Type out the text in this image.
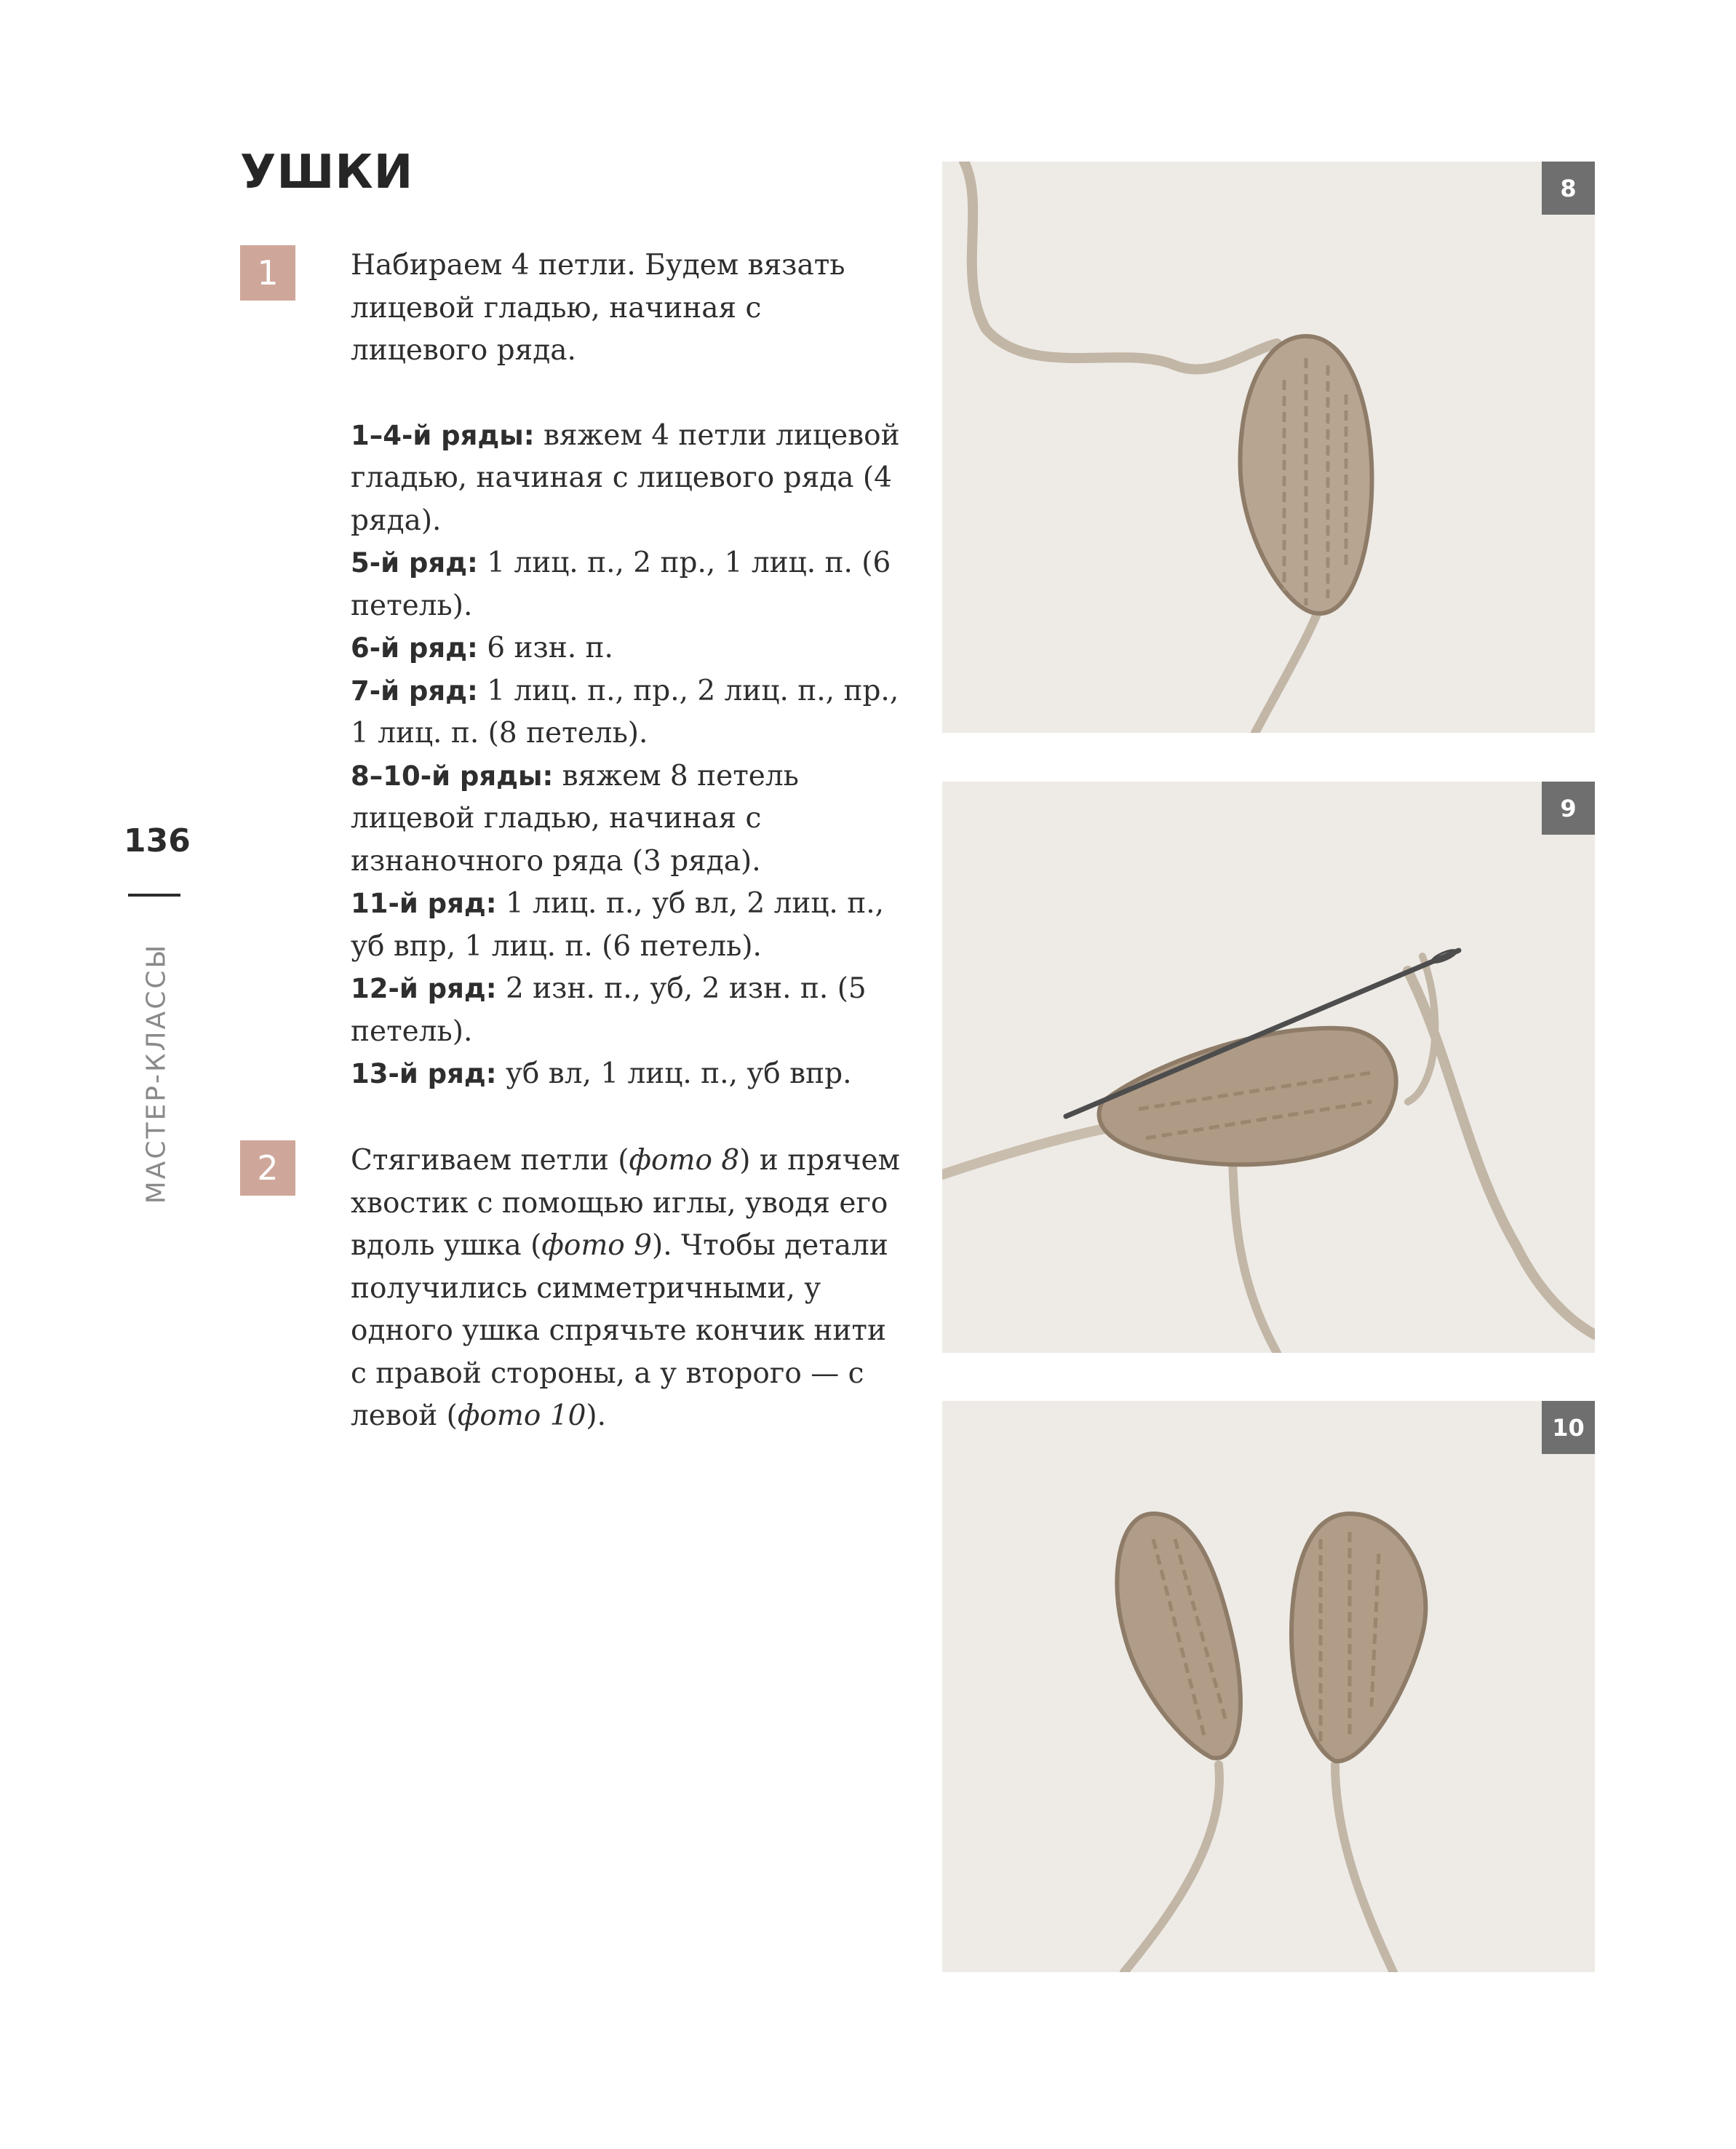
УШКИ
1	Набираем 4 петли. Будем вязать лицевой гладью, начиная с лицевого ряда.

1–4-й ряды: вяжем 4 петли лицевой гладью, начиная с лицевого ряда (4 ряда).

5-й ряд: 1 лиц. п., 2 пр., 1 лиц. п. (6 петель).

6-й ряд: 6 изн. п.

7-й ряд: 1 лиц. п., пр., 2 лиц. п., пр., 1 лиц. п. (8 петель).

8–10-й ряды: вяжем 8 петель лицевой гладью, начиная с изнаночного ряда (3 ряда).

11-й ряд: 1 лиц. п., уб вл, 2 лиц. п., уб впр, 1 лиц. п. (6 петель).

12-й ряд: 2 изн. п., уб, 2 изн. п. (5 петель).

13-й ряд: уб вл, 1 лиц. п., уб впр.

2	Стягиваем петли (фото 8) и прячем хвостик с помощью иглы, уводя его вдоль ушка (фото 9). Чтобы детали получились симметричными, у одного ушка спрячьте кончик нити с правой стороны, а у второго — с левой (фото 10).

136
МАСТЕР-КЛАССЫ
8
9
10
